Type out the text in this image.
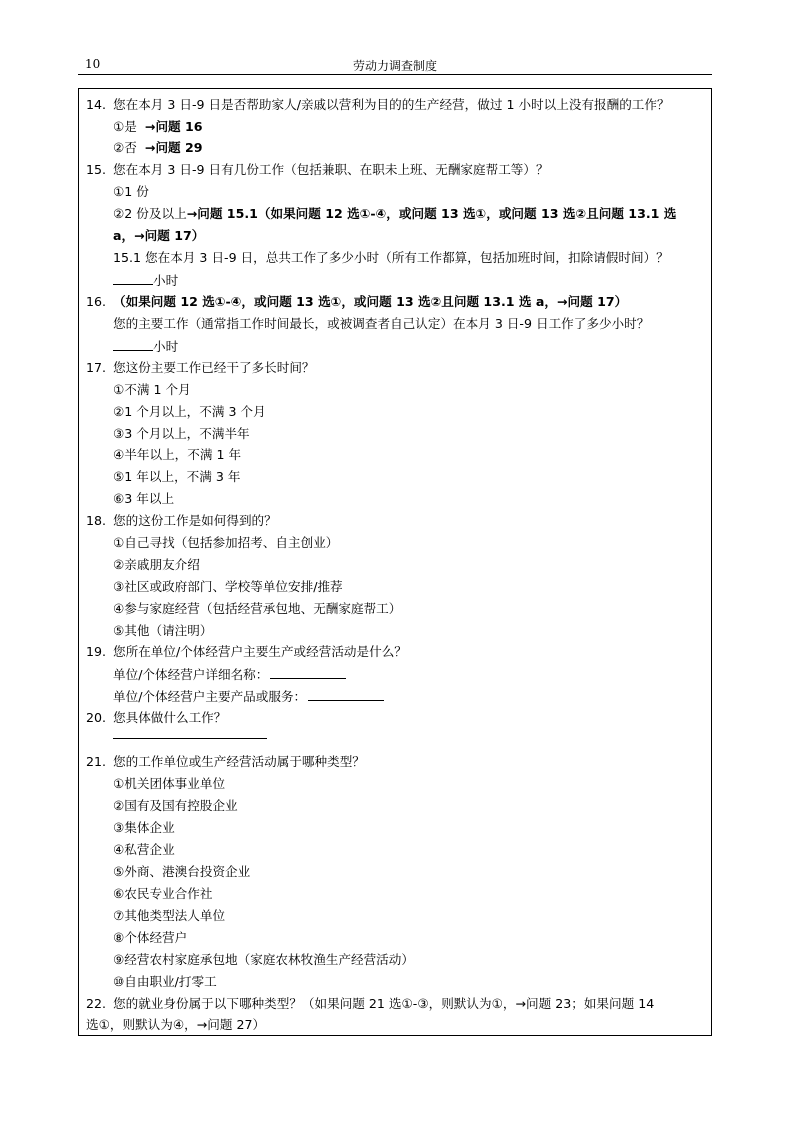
10	劳动力调查制度
14. 您在本月 3 日-9 日是否帮助家人/亲戚以营利为目的的生产经营，做过 1 小时以上没有报酬的工作？
①是 →问题 16
②否 →问题 29
15. 您在本月 3 日-9 日有几份工作（包括兼职、在职未上班、无酬家庭帮工等）？
①1 份
②2 份及以上→问题 15.1（如果问题 12 选①-④，或问题 13 选①，或问题 13 选②且问题 13.1 选
a，→问题 17）
15.1 您在本月 3 日-9 日，总共工作了多少小时（所有工作都算，包括加班时间，扣除请假时间）？
小时
16. （如果问题 12 选①-④，或问题 13 选①，或问题 13 选②且问题 13.1 选 a，→问题 17）
您的主要工作（通常指工作时间最长，或被调查者自己认定）在本月 3 日-9 日工作了多少小时？
小时
17. 您这份主要工作已经干了多长时间？
①不满 1 个月
②1 个月以上，不满 3 个月
③3 个月以上，不满半年
④半年以上，不满 1 年
⑤1 年以上，不满 3 年
⑥3 年以上
18. 您的这份工作是如何得到的？
①自己寻找（包括参加招考、自主创业）
②亲戚朋友介绍
③社区或政府部门、学校等单位安排/推荐
④参与家庭经营（包括经营承包地、无酬家庭帮工）
⑤其他（请注明）
19. 您所在单位/个体经营户主要生产或经营活动是什么？
单位/个体经营户详细名称：
单位/个体经营户主要产品或服务：
20. 您具体做什么工作？
21. 您的工作单位或生产经营活动属于哪种类型？
①机关团体事业单位
②国有及国有控股企业
③集体企业
④私营企业
⑤外商、港澳台投资企业
⑥农民专业合作社
⑦其他类型法人单位
⑧个体经营户
⑨经营农村家庭承包地（家庭农林牧渔生产经营活动）
⑩自由职业/打零工
22. 您的就业身份属于以下哪种类型？（如果问题 21 选①-③，则默认为①，→问题 23；如果问题 14
选①，则默认为④，→问题 27）
